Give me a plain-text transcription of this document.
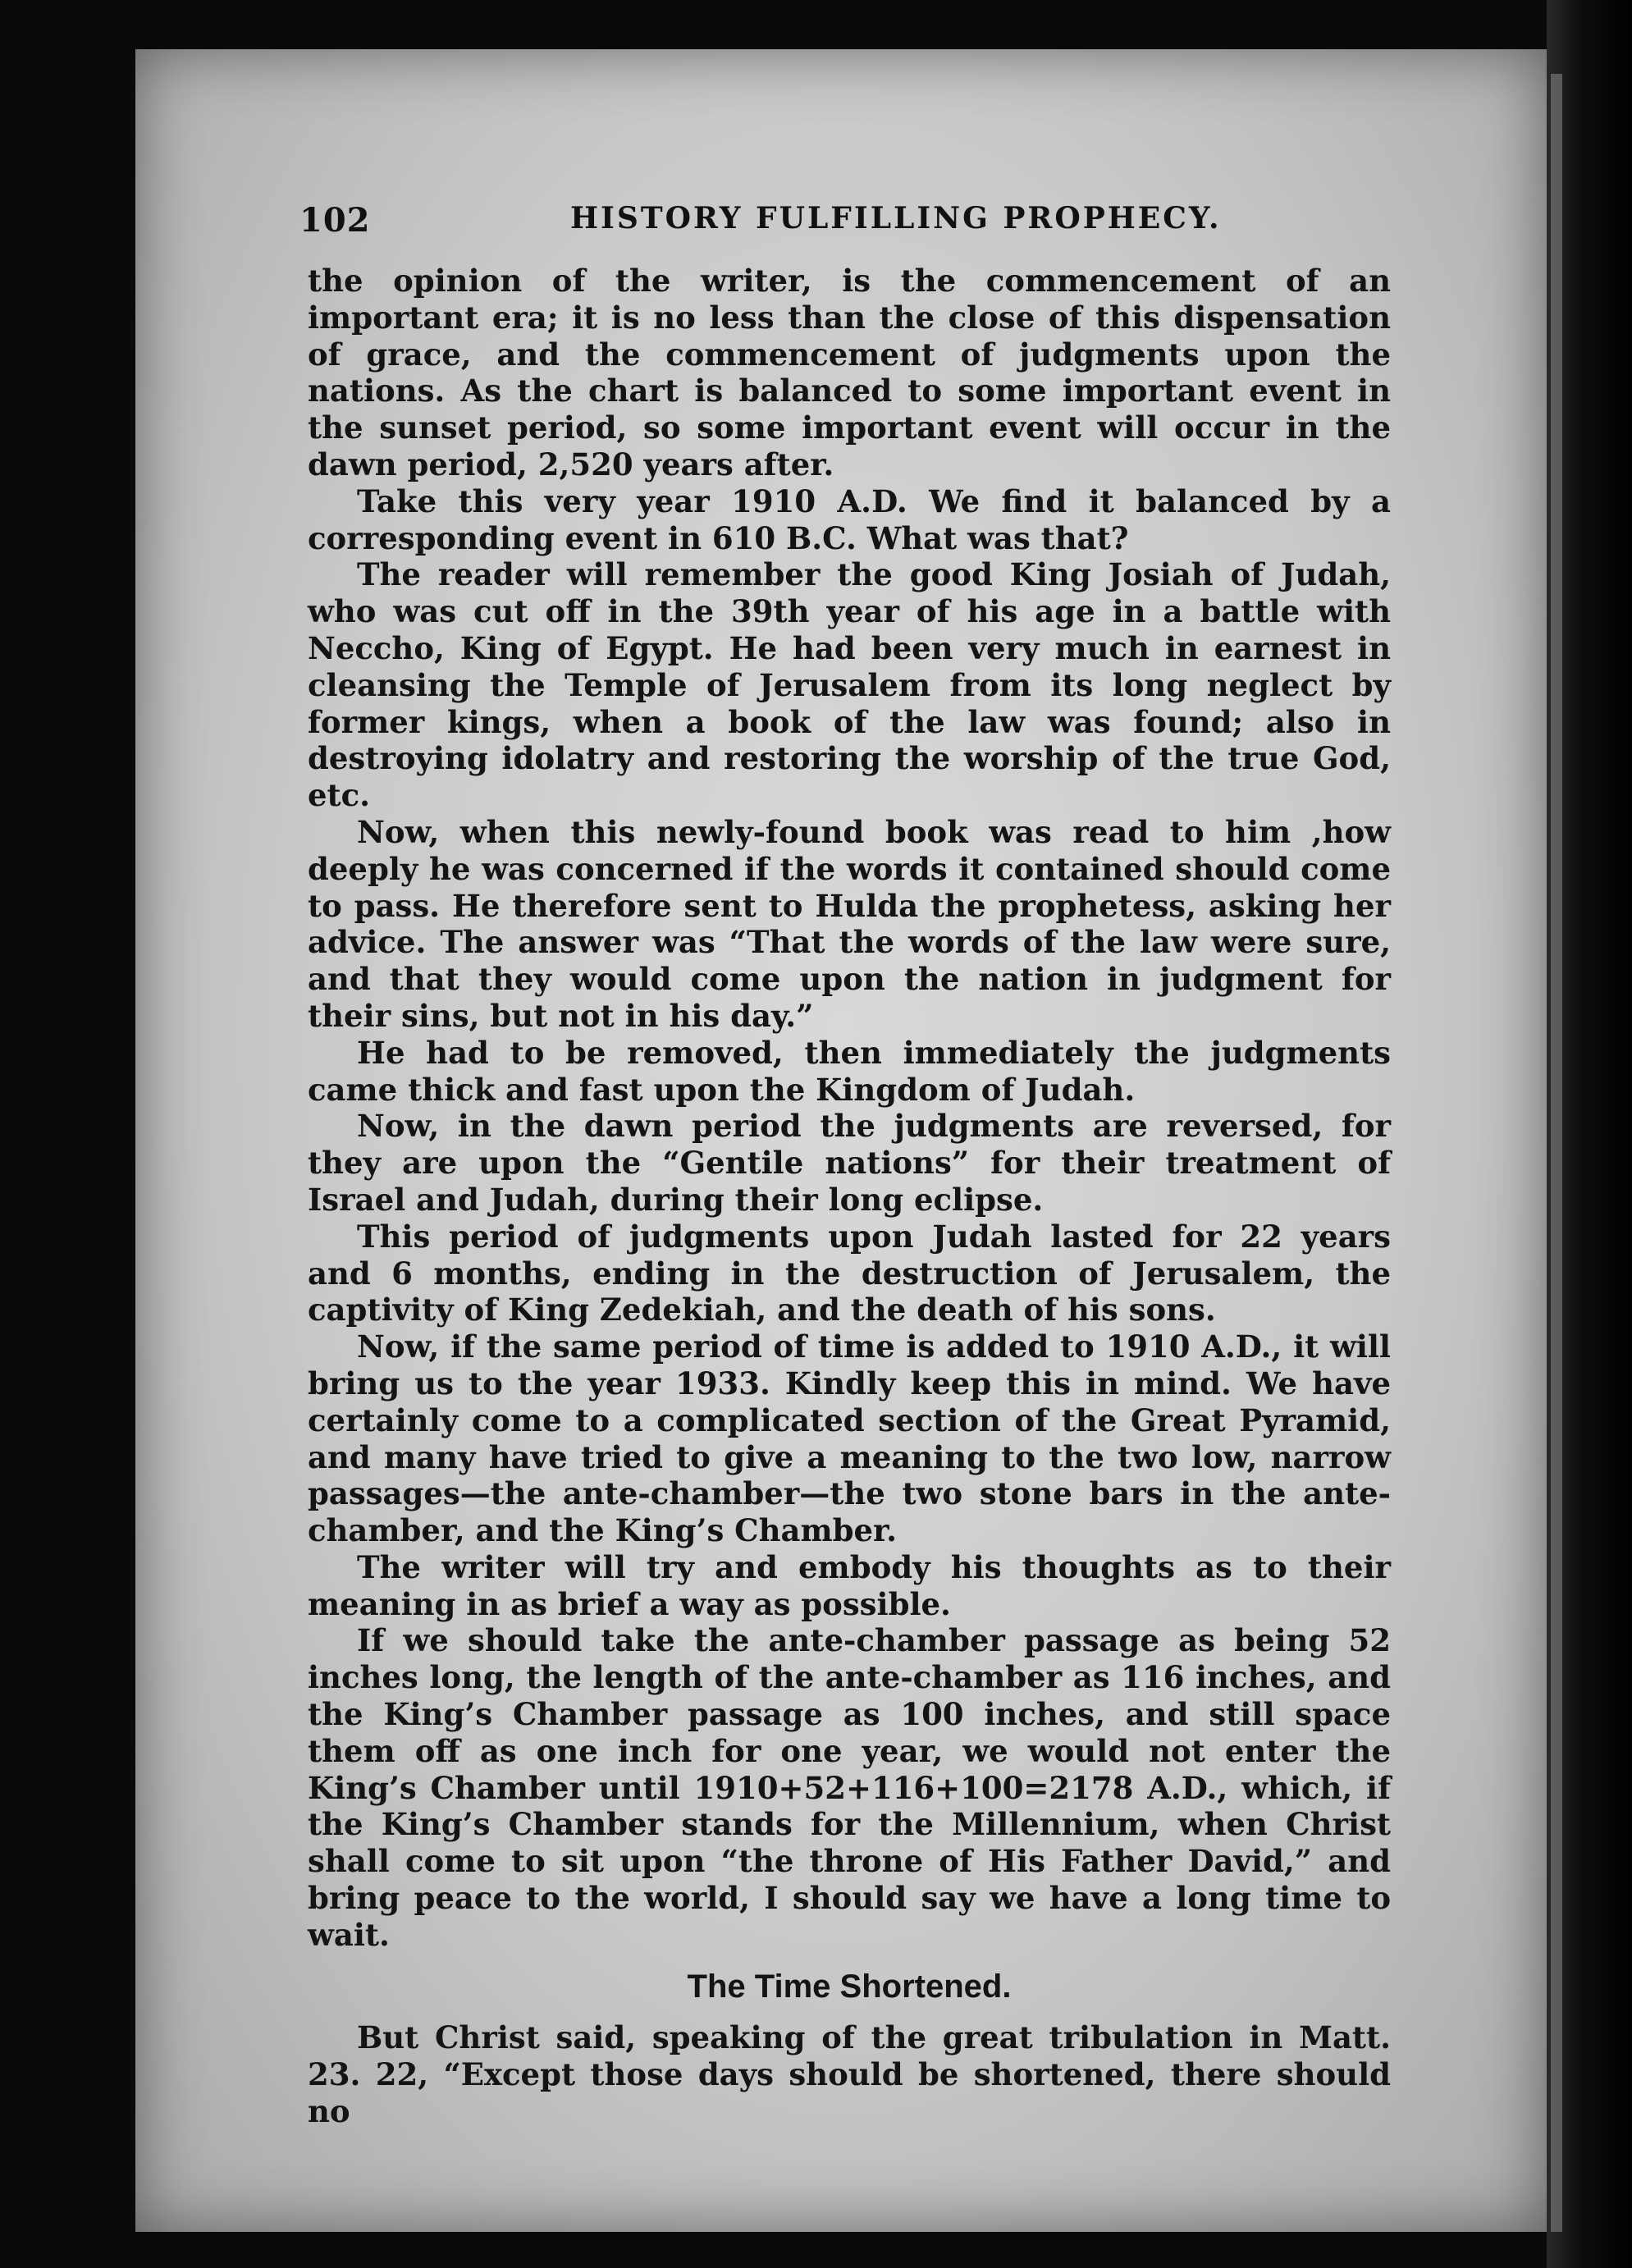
102	HISTORY FULFILLING PROPHECY.

the opinion of the writer, is the commencement of an important era; it is no less than the close of this dispensation of grace, and the commencement of judgments upon the nations. As the chart is balanced to some important event in the sunset period, so some important event will occur in the dawn period, 2,520 years after.

Take this very year 1910 A.D. We find it balanced by a corresponding event in 610 B.C. What was that?

The reader will remember the good King Josiah of Judah, who was cut off in the 39th year of his age in a battle with Neccho, King of Egypt. He had been very much in earnest in cleansing the Temple of Jerusalem from its long neglect by former kings, when a book of the law was found; also in destroying idolatry and restoring the worship of the true God, etc.

Now, when this newly-found book was read to him ,how deeply he was concerned if the words it contained should come to pass. He therefore sent to Hulda the prophetess, asking her advice. The answer was “That the words of the law were sure, and that they would come upon the nation in judgment for their sins, but not in his day.”

He had to be removed, then immediately the judgments came thick and fast upon the Kingdom of Judah.

Now, in the dawn period the judgments are reversed, for they are upon the “Gentile nations” for their treatment of Israel and Judah, during their long eclipse.

This period of judgments upon Judah lasted for 22 years and 6 months, ending in the destruction of Jerusalem, the captivity of King Zedekiah, and the death of his sons.

Now, if the same period of time is added to 1910 A.D., it will bring us to the year 1933. Kindly keep this in mind. We have certainly come to a complicated section of the Great Pyramid, and many have tried to give a meaning to the two low, narrow passages—the ante-chamber—the two stone bars in the ante-chamber, and the King’s Chamber.

The writer will try and embody his thoughts as to their meaning in as brief a way as possible.

If we should take the ante-chamber passage as being 52 inches long, the length of the ante-chamber as 116 inches, and the King’s Chamber passage as 100 inches, and still space them off as one inch for one year, we would not enter the King’s Chamber until 1910+52+116+100=2178 A.D., which, if the King’s Chamber stands for the Millennium, when Christ shall come to sit upon “the throne of His Father David,” and bring peace to the world, I should say we have a long time to wait.

The Time Shortened.

But Christ said, speaking of the great tribulation in Matt. 23. 22, “Except those days should be shortened, there should no
